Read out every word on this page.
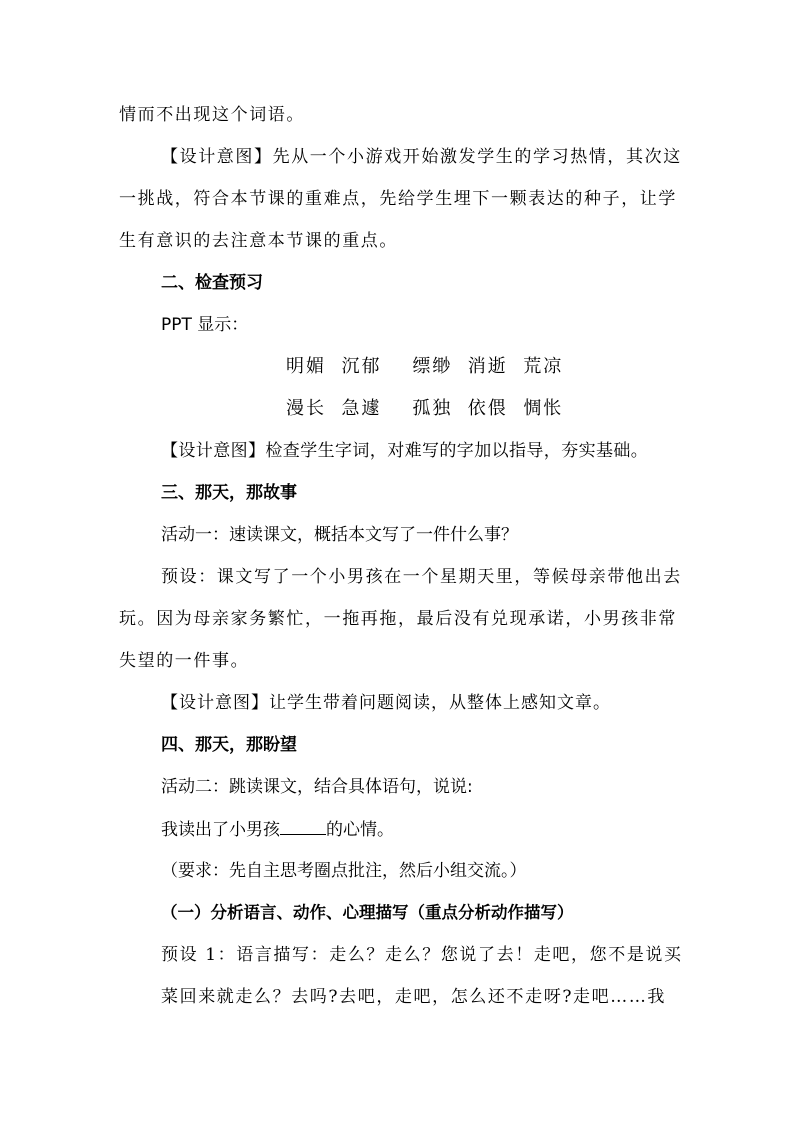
情而不出现这个词语。
【设计意图】先从一个小游戏开始激发学生的学习热情，其次这
一挑战，符合本节课的重难点，先给学生埋下一颗表达的种子，让学
生有意识的去注意本节课的重点。
二、检查预习
PPT 显示：
明媚  沉郁    缥缈  消逝  荒凉
漫长  急遽    孤独  依偎  惆怅
【设计意图】检查学生字词，对难写的字加以指导，夯实基础。
三、那天，那故事
活动一：速读课文，概括本文写了一件什么事？
预设：课文写了一个小男孩在一个星期天里，等候母亲带他出去
玩。因为母亲家务繁忙，一拖再拖，最后没有兑现承诺，小男孩非常
失望的一件事。
【设计意图】让学生带着问题阅读，从整体上感知文章。
四、那天，那盼望
活动二：跳读课文，结合具体语句，说说:
我读出了小男孩	的心情。
（要求：先自主思考圈点批注，然后小组交流。）
（一）分析语言、动作、心理描写（重点分析动作描写）
预设 1：语言描写：走么？走么？您说了去！走吧，您不是说买
菜回来就走么？去吗?去吧，走吧，怎么还不走呀?走吧……我
